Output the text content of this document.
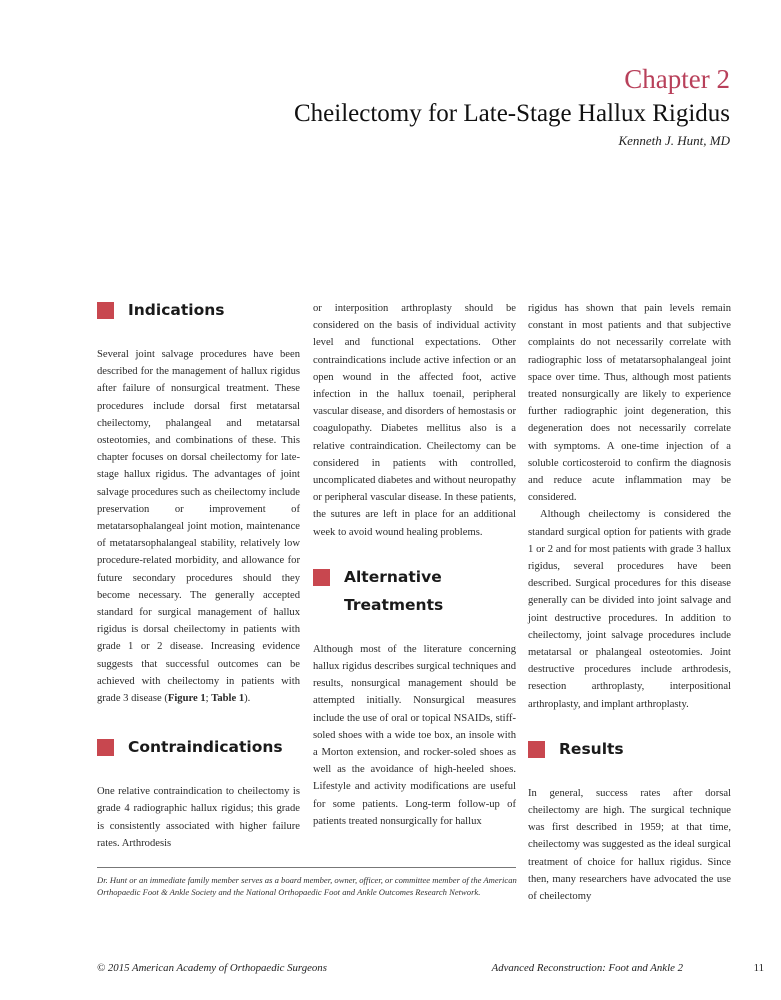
Chapter 2
Cheilectomy for Late-Stage Hallux Rigidus
Kenneth J. Hunt, MD
Indications

Several joint salvage procedures have been described for the management of hallux rigidus after failure of nonsurgical treatment. These procedures include dorsal first metatarsal cheilectomy, phalangeal and metatarsal osteotomies, and combinations of these. This chapter focuses on dorsal cheilectomy for late-stage hallux rigidus. The advantages of joint salvage procedures such as cheilectomy include preservation or improvement of metatarsophalangeal joint motion, maintenance of metatarsophalangeal stability, relatively low procedure-related morbidity, and allowance for future secondary procedures should they become necessary. The generally accepted standard for surgical management of hallux rigidus is dorsal cheilectomy in patients with grade 1 or 2 disease. Increasing evidence suggests that successful outcomes can be achieved with cheilectomy in patients with grade 3 disease (Figure 1; Table 1).

Contraindications

One relative contraindication to cheilectomy is grade 4 radiographic hallux rigidus; this grade is consistently associated with higher failure rates. Arthrodesis

or interposition arthroplasty should be considered on the basis of individual activity level and functional expectations. Other contraindications include active infection or an open wound in the affected foot, active infection in the hallux toenail, peripheral vascular disease, and disorders of hemostasis or coagulopathy. Diabetes mellitus also is a relative contraindication. Cheilectomy can be considered in patients with controlled, uncomplicated diabetes and without neuropathy or peripheral vascular disease. In these patients, the sutures are left in place for an additional week to avoid wound healing problems.

Alternative
Treatments

Although most of the literature concerning hallux rigidus describes surgical techniques and results, nonsurgical management should be attempted initially. Nonsurgical measures include the use of oral or topical NSAIDs, stiff-soled shoes with a wide toe box, an insole with a Morton extension, and rocker-soled shoes as well as the avoidance of high-heeled shoes. Lifestyle and activity modifications are useful for some patients. Long-term follow-up of patients treated nonsurgically for hallux

rigidus has shown that pain levels remain constant in most patients and that subjective complaints do not necessarily correlate with radiographic loss of metatarsophalangeal joint space over time. Thus, although most patients treated nonsurgically are likely to experience further radiographic joint degeneration, this degeneration does not necessarily correlate with symptoms. A one-time injection of a soluble corticosteroid to confirm the diagnosis and reduce acute inflammation may be considered.

Although cheilectomy is considered the standard surgical option for patients with grade 1 or 2 and for most patients with grade 3 hallux rigidus, several procedures have been described. Surgical procedures for this disease generally can be divided into joint salvage and joint destructive procedures. In addition to cheilectomy, joint salvage procedures include metatarsal or phalangeal osteotomies. Joint destructive procedures include arthrodesis, resection arthroplasty, interpositional arthroplasty, and implant arthroplasty.

Results

In general, success rates after dorsal cheilectomy are high. The surgical technique was first described in 1959; at that time, cheilectomy was suggested as the ideal surgical treatment of choice for hallux rigidus. Since then, many researchers have advocated the use of cheilectomy

Dr. Hunt or an immediate family member serves as a board member, owner, officer, or committee member of the American Orthopaedic Foot & Ankle Society and the National Orthopaedic Foot and Ankle Outcomes Research Network.
© 2015 American Academy of Orthopaedic Surgeons	Advanced Reconstruction: Foot and Ankle 2	11
